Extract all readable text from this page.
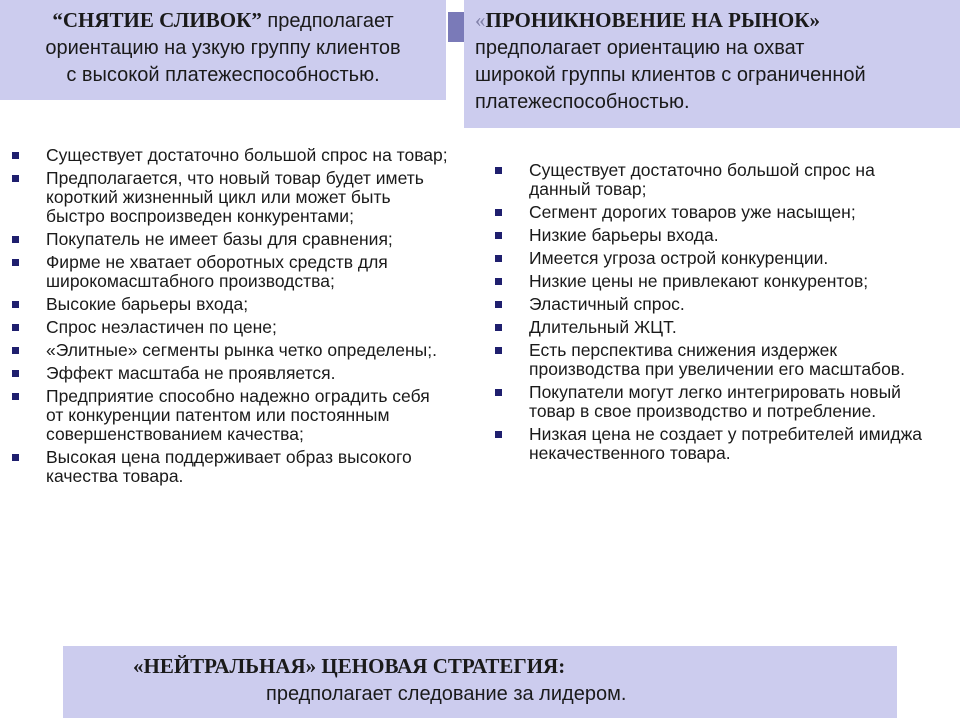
“СНЯТИЕ СЛИВОК” предполагает
ориентацию на узкую группу клиентов
с высокой платежеспособностью.
«ПРОНИКНОВЕНИЕ НА РЫНОК»
предполагает ориентацию на охват
широкой группы клиентов с ограниченной
платежеспособностью.
Существует достаточно большой спрос на товар;
Предполагается, что новый товар будет иметь короткий жизненный цикл или может быть быстро воспроизведен конкурентами;
Покупатель не имеет базы для сравнения;
Фирме не хватает оборотных средств для широкомасштабного производства;
Высокие барьеры входа;
Спрос неэластичен по цене;
«Элитные» сегменты рынка четко определены;.
Эффект масштаба не проявляется.
Предприятие способно надежно оградить себя от конкуренции патентом или постоянным совершенствованием качества;
Высокая цена поддерживает образ высокого качества товара.
Существует достаточно большой спрос на данный товар;
Сегмент дорогих товаров уже насыщен;
Низкие барьеры входа.
Имеется угроза острой конкуренции.
Низкие цены не привлекают конкурентов;
Эластичный спрос.
Длительный ЖЦТ.
Есть перспектива снижения издержек производства при увеличении его масштабов.
Покупатели могут легко интегрировать новый товар в свое производство и потребление.
Низкая цена не создает у потребителей имиджа некачественного товара.
«НЕЙТРАЛЬНАЯ» ЦЕНОВАЯ СТРАТЕГИЯ:
предполагает следование за лидером.
